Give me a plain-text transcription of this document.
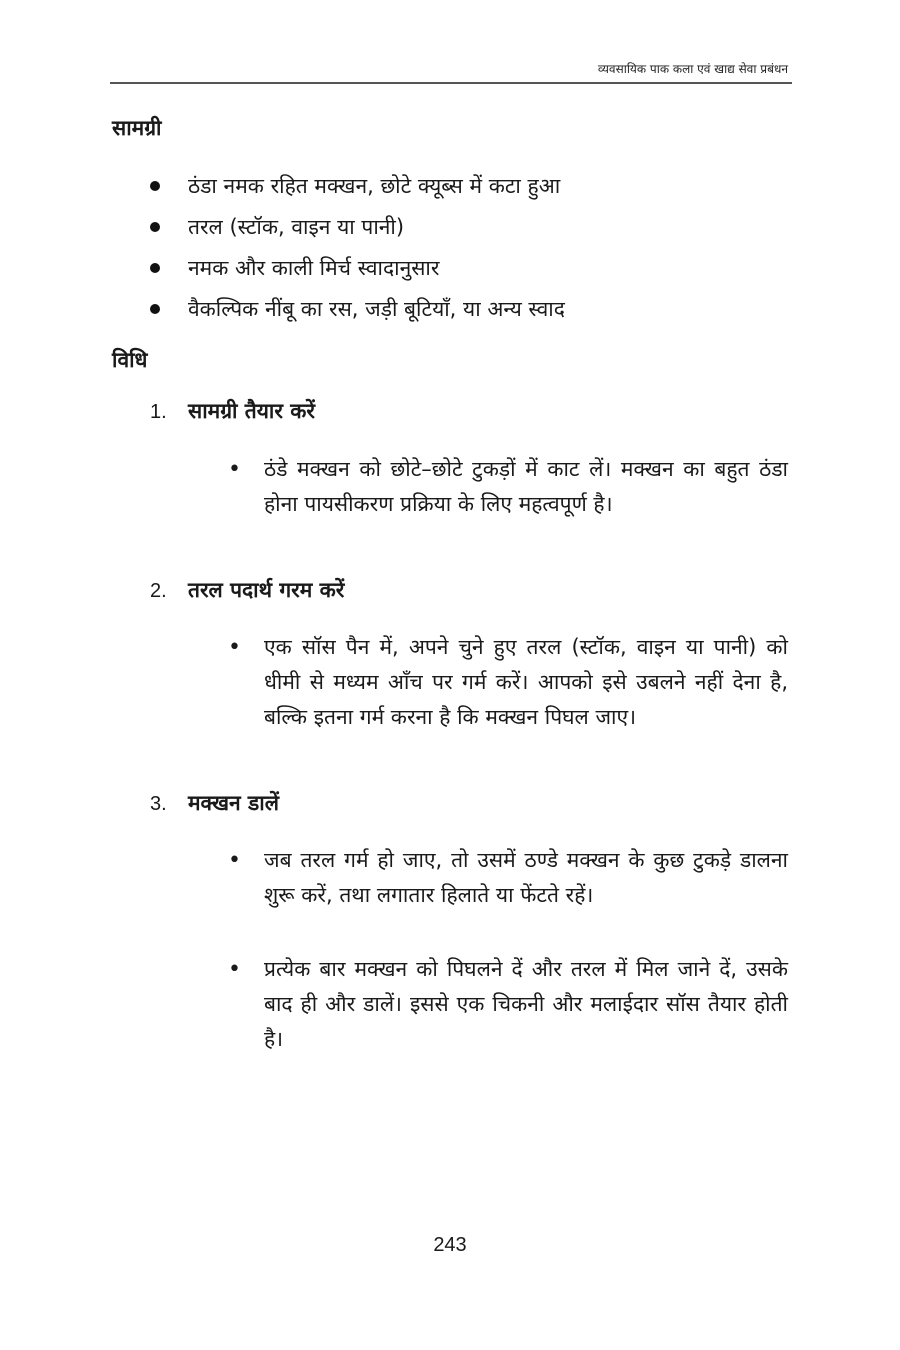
व्यवसायिक पाक कला एवं खाद्य सेवा प्रबंधन
सामग्री
ठंडा नमक रहित मक्खन, छोटे क्यूब्स में कटा हुआ
तरल (स्टॉक, वाइन या पानी)
नमक और काली मिर्च स्वादानुसार
वैकल्पिक नींबू का रस, जड़ी बूटियाँ, या अन्य स्वाद
विधि
1. सामग्री तैयार करें
• ठंडे मक्खन को छोटे–छोटे टुकड़ों में काट लें। मक्खन का बहुत ठंडा होना पायसीकरण प्रक्रिया के लिए महत्वपूर्ण है।
2. तरल पदार्थ गरम करें
• एक सॉस पैन में, अपने चुने हुए तरल (स्टॉक, वाइन या पानी) को धीमी से मध्यम आँच पर गर्म करें। आपको इसे उबलने नहीं देना है, बल्कि इतना गर्म करना है कि मक्खन पिघल जाए।
3. मक्खन डालें
• जब तरल गर्म हो जाए, तो उसमें ठण्डे मक्खन के कुछ टुकड़े डालना शुरू करें, तथा लगातार हिलाते या फेंटते रहें।
• प्रत्येक बार मक्खन को पिघलने दें और तरल में मिल जाने दें, उसके बाद ही और डालें। इससे एक चिकनी और मलाईदार सॉस तैयार होती है।
243
